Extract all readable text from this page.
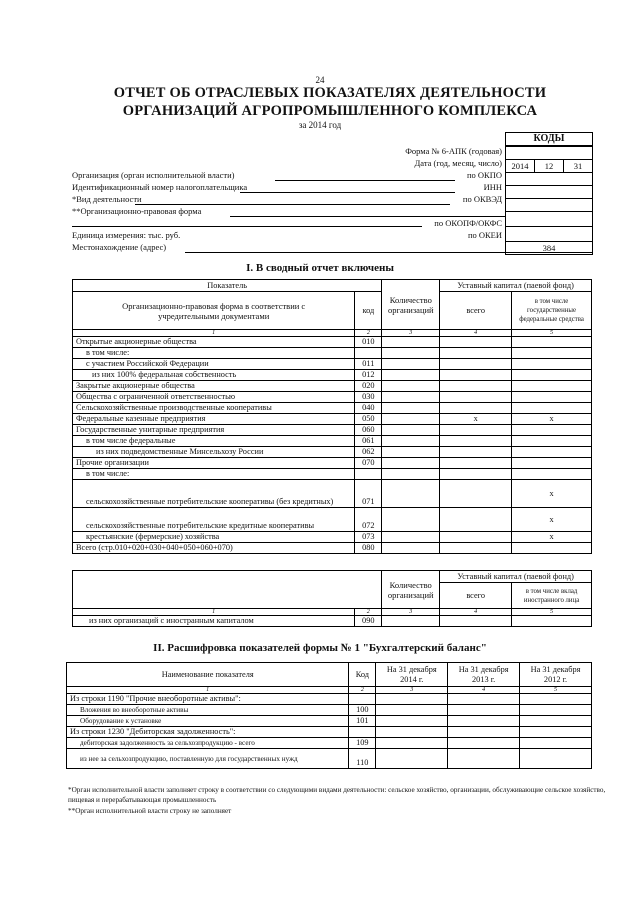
24
ОТЧЕТ ОБ ОТРАСЛЕВЫХ ПОКАЗАТЕЛЯХ ДЕЯТЕЛЬНОСТИ
ОРГАНИЗАЦИЙ АГРОПРОМЫШЛЕННОГО КОМПЛЕКСА
за 2014 год
КОДЫ
2014	12	31
384
Форма № 6-АПК (годовая)
Дата (год, месяц, число)
Организация (орган исполнительной власти)	по ОКПО
Идентификационный номер налогоплательщика	ИНН
*Вид деятельности	по ОКВЭД
**Организационно-правовая форма
по ОКОПФ/ОКФС
Единица измерения: тыс. руб.	по ОКЕИ
Местонахождение (адрес)
I. В сводный отчет включены
Показатель		Количество организаций	Уставный капитал (паевой фонд)	
Организационно-правовая форма в соответствии с учредительными документами	код		всего	в том числе государственные федеральные средства
1	2	3	4	5
Открытые акционерные общества	010			
в том числе:				
с участием Российской Федерации	011			
из них 100% федеральная собственность	012			
Закрытые акционерные общества	020			
Общества с ограниченной ответственностью	030			
Сельскохозяйственные производственные кооперативы	040			
Федеральные казенные предприятия	050		х	х
Государственные унитарные предприятия	060			
в том числе федеральные	061			
из них подведомственные Минсельхозу России	062			
Прочие организации	070			
в том числе:				
сельскохозяйственные потребительские кооперативы (без кредитных)	071			х
сельскохозяйственные потребительские кредитные кооперативы	072			х
крестьянские (фермерские) хозяйства	073			х
Всего (стр.010+020+030+040+050+060+070)	080			
		Количество организаций	Уставный капитал (паевой фонд)	
			всего	в том числе вклад иностранного лица
1	2	3	4	5
из них организаций с иностранным капиталом	090			
II. Расшифровка показателей формы № 1 "Бухгалтерский баланс"
Наименование показателя	Код	На 31 декабря 2014 г.	На 31 декабря 2013 г.	На 31 декабря 2012 г.
1	2	3	4	5
Из строки 1190 "Прочие внеоборотные активы":				
Вложения во внеоборотные активы	100			
Оборудование к установке	101			
Из строки 1230 "Дебиторская задолженность":				
дебиторская задолженность за сельхозпродукцию - всего	109			
из нее за сельхозпродукцию, поставленную для государственных нужд	110			
*Орган исполнительной власти заполняет строку в соответствии со следующими видами деятельности: сельское хозяйство, организации, обслуживающие сельское хозяйство, пищевая и перерабатывающая промышленность
**Орган исполнительной власти строку не заполняет
